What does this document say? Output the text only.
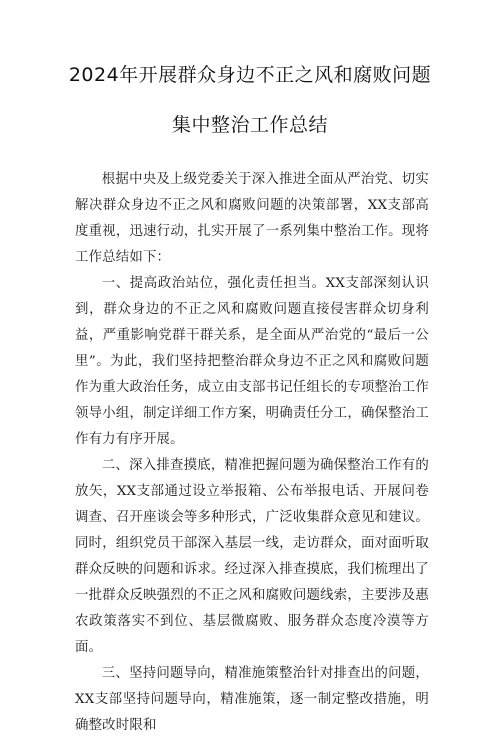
2024年开展群众身边不正之风和腐败问题
集中整治工作总结

根据中央及上级党委关于深入推进全面从严治党、切实解决群众身边不正之风和腐败问题的决策部署，XX支部高度重视，迅速行动，扎实开展了一系列集中整治工作。现将工作总结如下：

一、提高政治站位，强化责任担当。XX支部深刻认识到，群众身边的不正之风和腐败问题直接侵害群众切身利益，严重影响党群干群关系，是全面从严治党的“最后一公里”。为此，我们坚持把整治群众身边不正之风和腐败问题作为重大政治任务，成立由支部书记任组长的专项整治工作领导小组，制定详细工作方案，明确责任分工，确保整治工作有力有序开展。

二、深入排查摸底，精准把握问题为确保整治工作有的放矢，XX支部通过设立举报箱、公布举报电话、开展问卷调查、召开座谈会等多种形式，广泛收集群众意见和建议。同时，组织党员干部深入基层一线，走访群众，面对面听取群众反映的问题和诉求。经过深入排查摸底，我们梳理出了一批群众反映强烈的不正之风和腐败问题线索，主要涉及惠农政策落实不到位、基层微腐败、服务群众态度冷漠等方面。

三、坚持问题导向，精准施策整治针对排查出的问题，XX支部坚持问题导向，精准施策，逐一制定整改措施，明确整改时限和
